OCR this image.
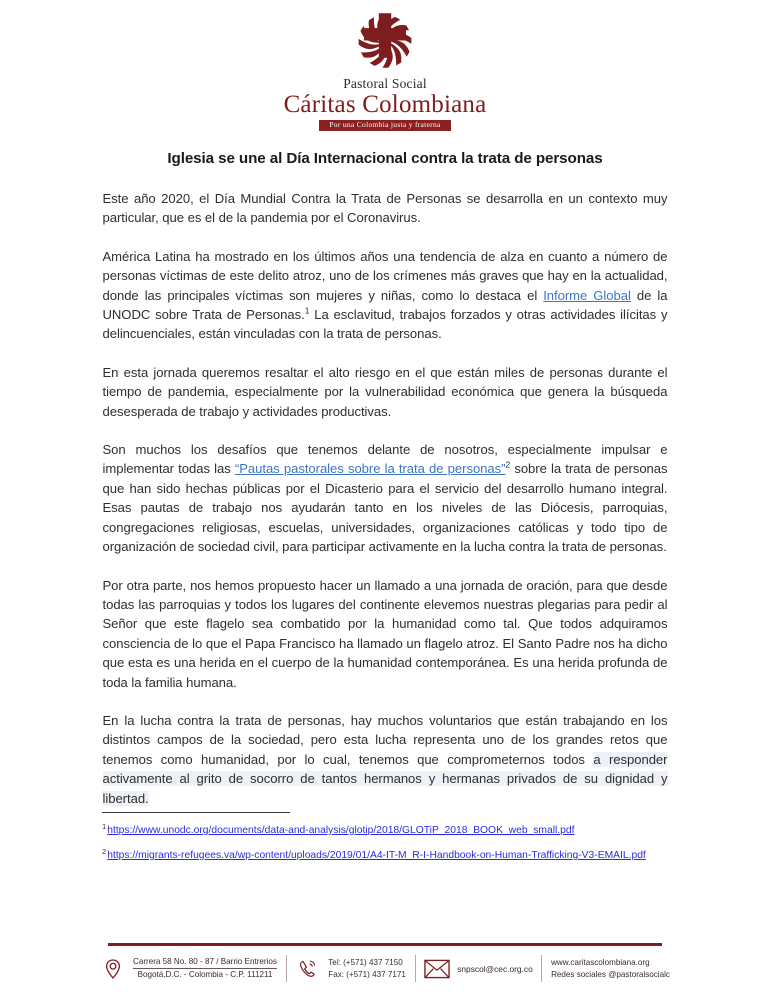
Pastoral Social
Cáritas Colombiana
Por una Colombia justa y fraterna
Iglesia se une al Día Internacional contra la trata de personas

Este año 2020, el Día Mundial Contra la Trata de Personas se desarrolla en un contexto muy particular, que es el de la pandemia por el Coronavirus.

América Latina ha mostrado en los últimos años una tendencia de alza en cuanto a número de personas víctimas de este delito atroz, uno de los crímenes más graves que hay en la actualidad, donde las principales víctimas son mujeres y niñas, como lo destaca el Informe Global de la UNODC sobre Trata de Personas.$^1$ La esclavitud, trabajos forzados y otras actividades ilícitas y delincuenciales, están vinculadas con la trata de personas.

En esta jornada queremos resaltar el alto riesgo en el que están miles de personas durante el tiempo de pandemia, especialmente por la vulnerabilidad económica que genera la búsqueda desesperada de trabajo y actividades productivas.

Son muchos los desafíos que tenemos delante de nosotros, especialmente impulsar e implementar todas las “Pautas pastorales sobre la trata de personas”$^2$ sobre la trata de personas que han sido hechas públicas por el Dicasterio para el servicio del desarrollo humano integral. Esas pautas de trabajo nos ayudarán tanto en los niveles de las Diócesis, parroquias, congregaciones religiosas, escuelas, universidades, organizaciones católicas y todo tipo de organización de sociedad civil, para participar activamente en la lucha contra la trata de personas.

Por otra parte, nos hemos propuesto hacer un llamado a una jornada de oración, para que desde todas las parroquias y todos los lugares del continente elevemos nuestras plegarias para pedir al Señor que este flagelo sea combatido por la humanidad como tal. Que todos adquiramos consciencia de lo que el Papa Francisco ha llamado un flagelo atroz. El Santo Padre nos ha dicho que esta es una herida en el cuerpo de la humanidad contemporánea. Es una herida profunda de toda la familia humana.

En la lucha contra la trata de personas, hay muchos voluntarios que están trabajando en los distintos campos de la sociedad, pero esta lucha representa uno de los grandes retos que tenemos como humanidad, por lo cual, tenemos que comprometernos todos a responder activamente al grito de socorro de tantos hermanos y hermanas privados de su dignidad y libertad.

$^1$https://www.unodc.org/documents/data-and-analysis/glotip/2018/GLOTiP_2018_BOOK_web_small.pdf
$^2$https://migrants-refugees.va/wp-content/uploads/2019/01/A4-IT-M_R-I-Handbook-on-Human-Trafficking-V3-EMAIL.pdf
Carrera 58 No. 80 - 87 / Barrio Entrerios
Bogotá,D.C. - Colombia - C.P. 111211
Tel: (+571) 437 7150
Fax: (+571) 437 7171
snpscol@cec.org.co
www.caritascolombiana.org
Redes sociales @pastoralsocialc
